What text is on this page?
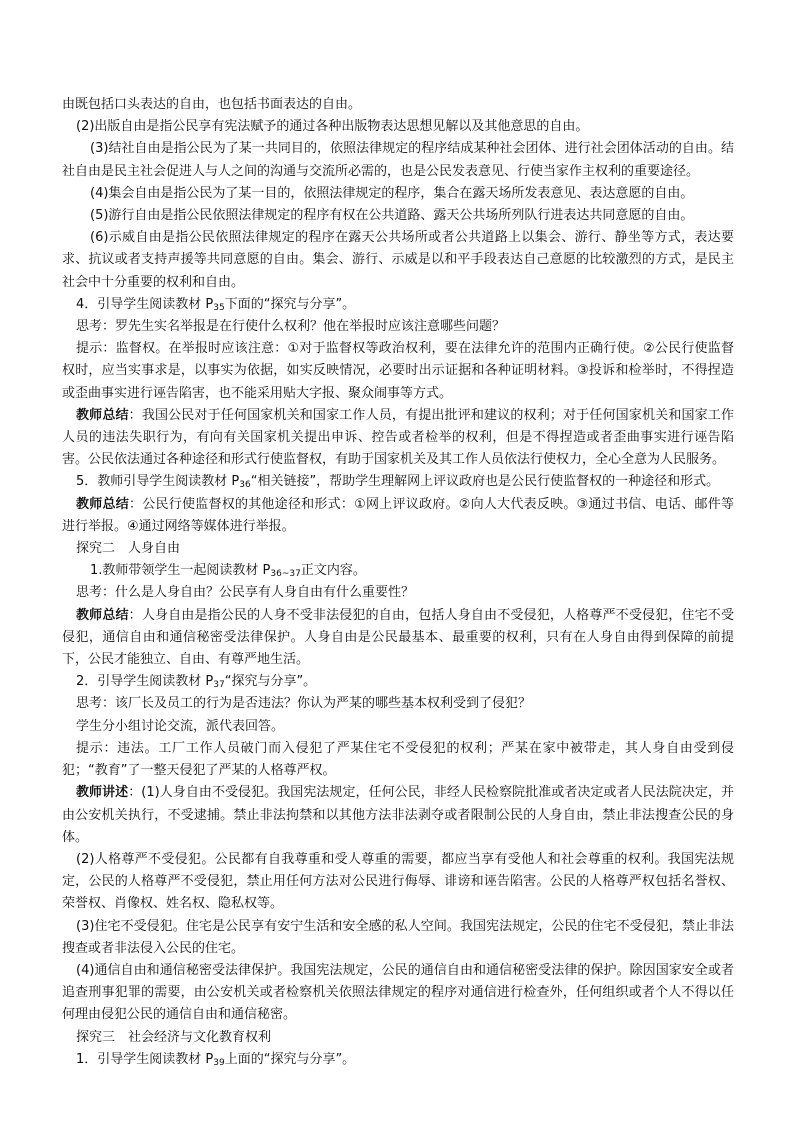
由既包括口头表达的自由，也包括书面表达的自由。

(2)出版自由是指公民享有宪法赋予的通过各种出版物表达思想见解以及其他意思的自由。

(3)结社自由是指公民为了某一共同目的，依照法律规定的程序结成某种社会团体、进行社会团体活动的自由。结社自由是民主社会促进人与人之间的沟通与交流所必需的，也是公民发表意见、行使当家作主权利的重要途径。

(4)集会自由是指公民为了某一目的，依照法律规定的程序，集合在露天场所发表意见、表达意愿的自由。

(5)游行自由是指公民依照法律规定的程序有权在公共道路、露天公共场所列队行进表达共同意愿的自由。

(6)示威自由是指公民依照法律规定的程序在露天公共场所或者公共道路上以集会、游行、静坐等方式，表达要求、抗议或者支持声援等共同意愿的自由。集会、游行、示威是以和平手段表达自己意愿的比较激烈的方式，是民主社会中十分重要的权利和自由。

4．引导学生阅读教材 $P_{35}$下面的“探究与分享”。

思考：罗先生实名举报是在行使什么权利？他在举报时应该注意哪些问题？

提示：监督权。在举报时应该注意：①对于监督权等政治权利，要在法律允许的范围内正确行使。②公民行使监督权时，应当实事求是，以事实为依据，如实反映情况，必要时出示证据和各种证明材料。③投诉和检举时，不得捏造或歪曲事实进行诬告陷害，也不能采用贴大字报、聚众闹事等方式。

教师总结：我国公民对于任何国家机关和国家工作人员，有提出批评和建议的权利；对于任何国家机关和国家工作人员的违法失职行为，有向有关国家机关提出申诉、控告或者检举的权利，但是不得捏造或者歪曲事实进行诬告陷害。公民依法通过各种途径和形式行使监督权，有助于国家机关及其工作人员依法行使权力，全心全意为人民服务。

5．教师引导学生阅读教材 $P_{36}“$相关链接”，帮助学生理解网上评议政府也是公民行使监督权的一种途径和形式。

教师总结：公民行使监督权的其他途径和形式：①网上评议政府。②向人大代表反映。③通过书信、电话、邮件等进行举报。④通过网络等媒体进行举报。

探究二　人身自由

1.教师带领学生一起阅读教材 $P_{36\sim 37}$正文内容。

思考：什么是人身自由？公民享有人身自由有什么重要性？

教师总结：人身自由是指公民的人身不受非法侵犯的自由，包括人身自由不受侵犯，人格尊严不受侵犯，住宅不受侵犯，通信自由和通信秘密受法律保护。人身自由是公民最基本、最重要的权利，只有在人身自由得到保障的前提下，公民才能独立、自由、有尊严地生活。

2．引导学生阅读教材 $P_{37}“$探究与分享”。

思考：该厂长及员工的行为是否违法？你认为严某的哪些基本权利受到了侵犯？

学生分小组讨论交流，派代表回答。

提示：违法。工厂工作人员破门而入侵犯了严某住宅不受侵犯的权利；严某在家中被带走，其人身自由受到侵犯；“教育”了一整天侵犯了严某的人格尊严权。

教师讲述：(1)人身自由不受侵犯。我国宪法规定，任何公民，非经人民检察院批准或者决定或者人民法院决定，并由公安机关执行，不受逮捕。禁止非法拘禁和以其他方法非法剥夺或者限制公民的人身自由，禁止非法搜查公民的身体。

(2)人格尊严不受侵犯。公民都有自我尊重和受人尊重的需要，都应当享有受他人和社会尊重的权利。我国宪法规定，公民的人格尊严不受侵犯，禁止用任何方法对公民进行侮辱、诽谤和诬告陷害。公民的人格尊严权包括名誉权、荣誉权、肖像权、姓名权、隐私权等。

(3)住宅不受侵犯。住宅是公民享有安宁生活和安全感的私人空间。我国宪法规定，公民的住宅不受侵犯，禁止非法搜查或者非法侵入公民的住宅。

(4)通信自由和通信秘密受法律保护。我国宪法规定，公民的通信自由和通信秘密受法律的保护。除因国家安全或者追查刑事犯罪的需要，由公安机关或者检察机关依照法律规定的程序对通信进行检查外，任何组织或者个人不得以任何理由侵犯公民的通信自由和通信秘密。

探究三　社会经济与文化教育权利

1．引导学生阅读教材 $P_{39}$上面的“探究与分享”。
